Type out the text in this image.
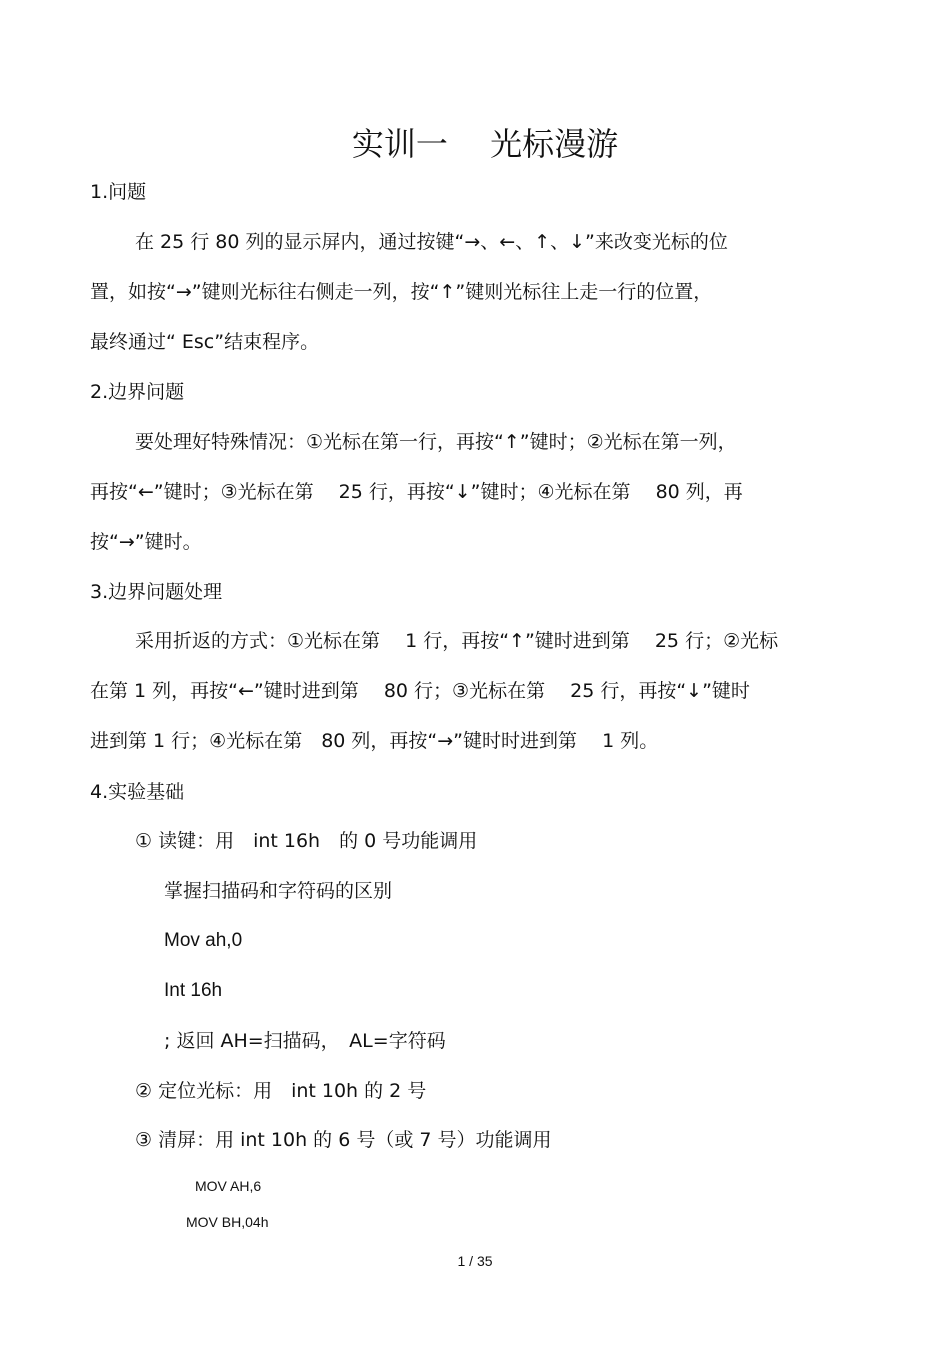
实训一　 光标漫游
1.问题
在 25 行 80 列的显示屏内，通过按键“→、←、↑、↓”来改变光标的位
置，如按“→”键则光标往右侧走一列，按“↑”键则光标往上走一行的位置，
最终通过“ Esc”结束程序。
2.边界问题
要处理好特殊情况：①光标在第一行，再按“↑”键时；②光标在第一列，
再按“←”键时；③光标在第　 25 行，再按“↓”键时；④光标在第　 80 列，再
按“→”键时。
3.边界问题处理
采用折返的方式：①光标在第　 1 行，再按“↑”键时进到第　 25 行；②光标
在第 1 列，再按“←”键时进到第　 80 行；③光标在第　 25 行，再按“↓”键时
进到第 1 行；④光标在第　80 列，再按“→”键时时进到第　 1 列。
4.实验基础
① 读键：用　int 16h　的 0 号功能调用
掌握扫描码和字符码的区别
Mov ah,0
Int 16h
; 返回 AH=扫描码，　AL=字符码
② 定位光标：用　int 10h 的 2 号
③ 清屏：用 int 10h 的 6 号（或 7 号）功能调用
MOV AH,6
MOV BH,04h
1 / 35
